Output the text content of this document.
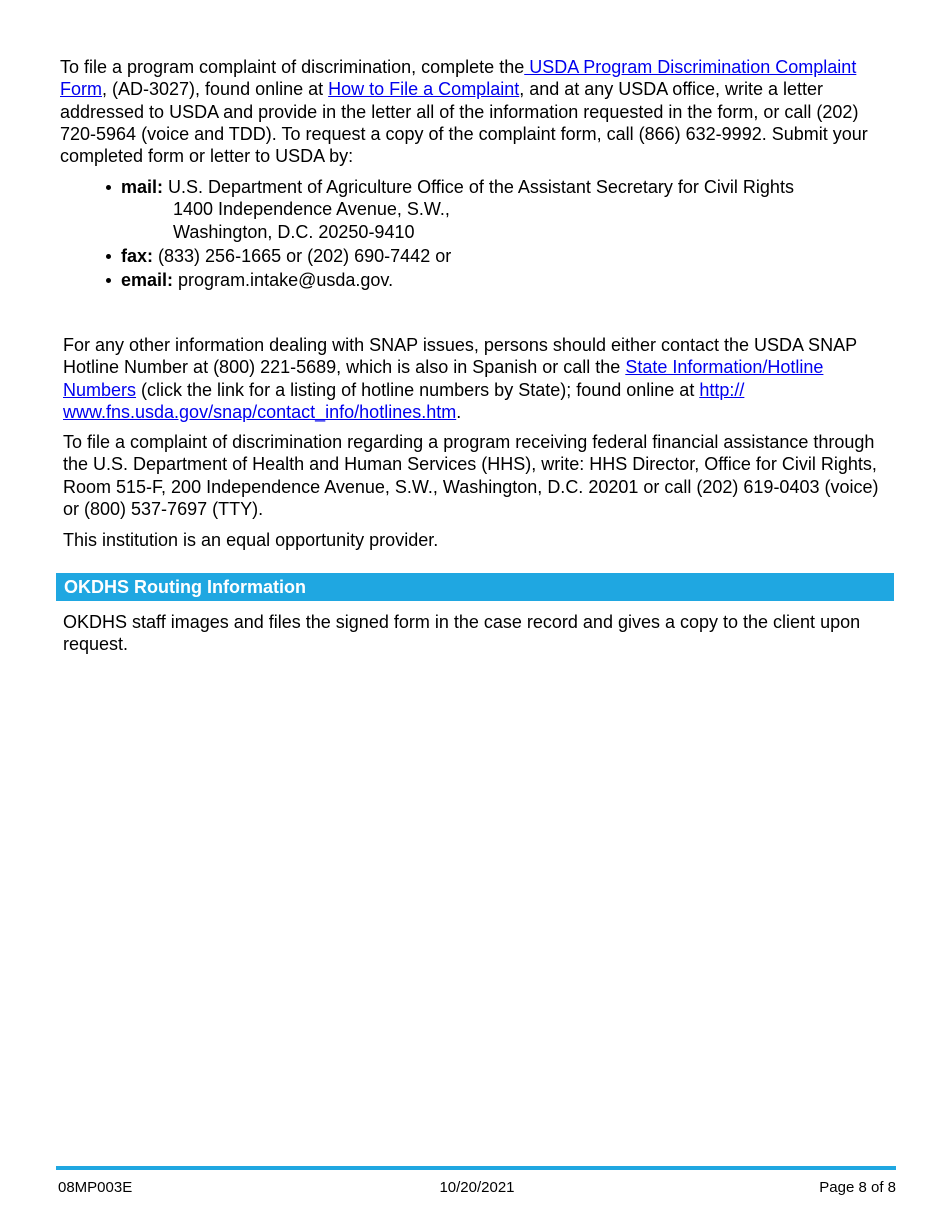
To file a program complaint of discrimination, complete the USDA Program Discrimination Complaint Form, (AD-3027), found online at How to File a Complaint, and at any USDA office, write a letter addressed to USDA and provide in the letter all of the information requested in the form, or call (202) 720-5964 (voice and TDD). To request a copy of the complaint form, call (866) 632-9992. Submit your completed form or letter to USDA by:

mail: U.S. Department of Agriculture Office of the Assistant Secretary for Civil Rights
1400 Independence Avenue, S.W.,
Washington, D.C. 20250-9410
fax: (833) 256-1665 or (202) 690-7442 or
email: program.intake@usda.gov.

For any other information dealing with SNAP issues, persons should either contact the USDA SNAP Hotline Number at (800) 221-5689, which is also in Spanish or call the State Information/Hotline Numbers (click the link for a listing of hotline numbers by State); found online at http://
www.fns.usda.gov/snap/contact_info/hotlines.htm.

To file a complaint of discrimination regarding a program receiving federal financial assistance through the U.S. Department of Health and Human Services (HHS), write: HHS Director, Office for Civil Rights, Room 515-F, 200 Independence Avenue, S.W., Washington, D.C. 20201 or call (202) 619-0403 (voice) or (800) 537-7697 (TTY).

This institution is an equal opportunity provider.

OKDHS Routing Information

OKDHS staff images and files the signed form in the case record and gives a copy to the client upon request.

08MP003E	10/20/2021	Page 8 of 8
